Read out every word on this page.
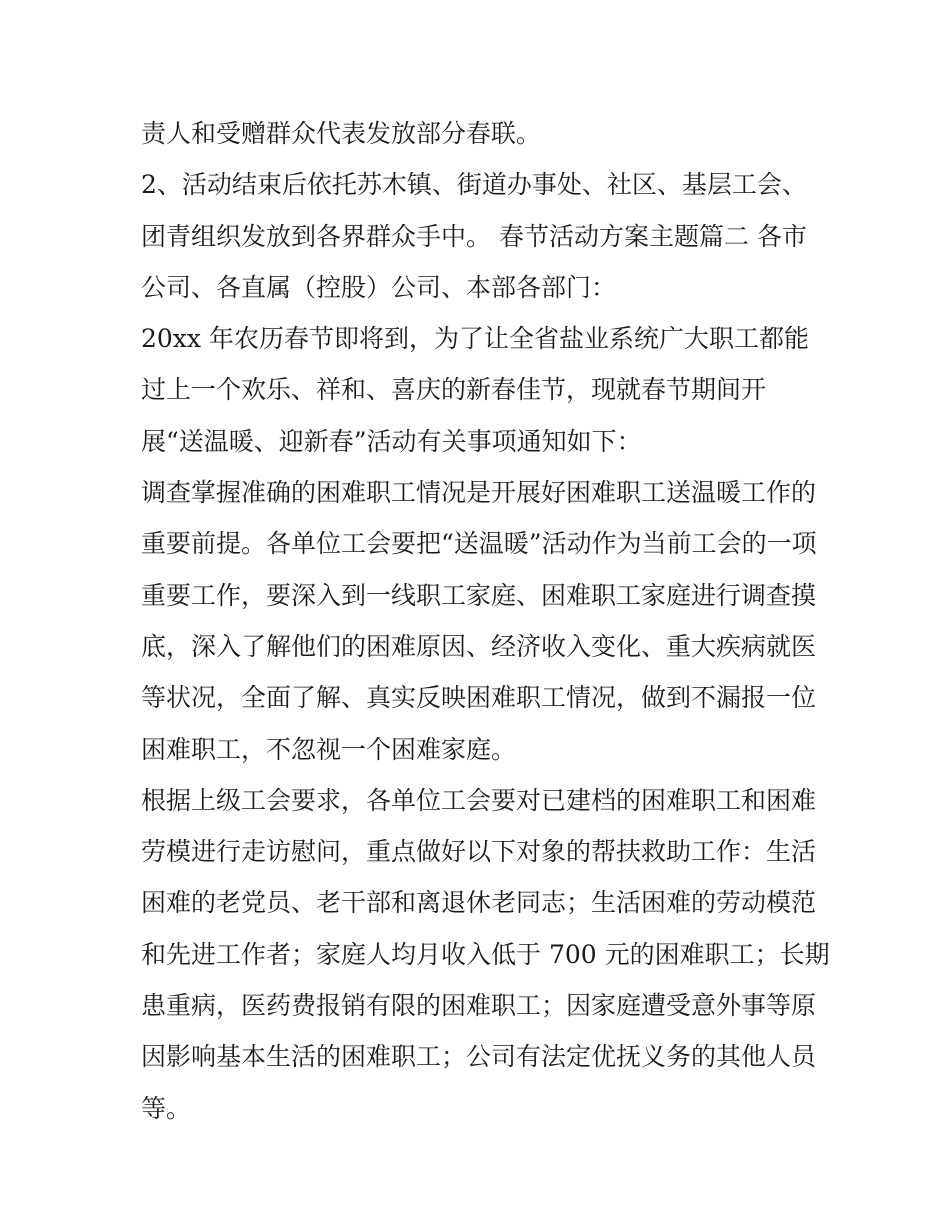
责人和受赠群众代表发放部分春联。
2、活动结束后依托苏木镇、街道办事处、社区、基层工会、
团青组织发放到各界群众手中。 春节活动方案主题篇二 各市
公司、各直属（控股）公司、本部各部门：
20xx 年农历春节即将到，为了让全省盐业系统广大职工都能
过上一个欢乐、祥和、喜庆的新春佳节，现就春节期间开
展“送温暖、迎新春”活动有关事项通知如下：
调查掌握准确的困难职工情况是开展好困难职工送温暖工作的
重要前提。各单位工会要把“送温暖”活动作为当前工会的一项
重要工作，要深入到一线职工家庭、困难职工家庭进行调查摸
底，深入了解他们的困难原因、经济收入变化、重大疾病就医
等状况，全面了解、真实反映困难职工情况，做到不漏报一位
困难职工，不忽视一个困难家庭。
根据上级工会要求，各单位工会要对已建档的困难职工和困难
劳模进行走访慰问，重点做好以下对象的帮扶救助工作：生活
困难的老党员、老干部和离退休老同志；生活困难的劳动模范
和先进工作者；家庭人均月收入低于 700 元的困难职工；长期
患重病，医药费报销有限的困难职工；因家庭遭受意外事等原
因影响基本生活的困难职工；公司有法定优抚义务的其他人员
等。
